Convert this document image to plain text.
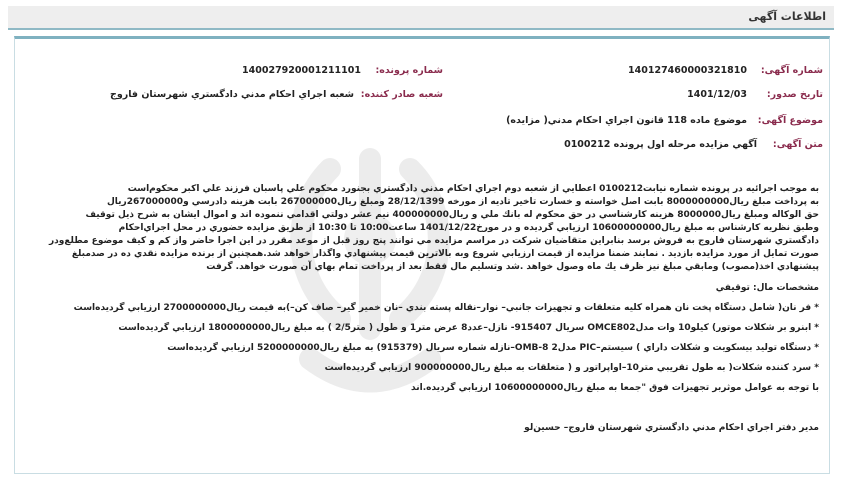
اطلاعات آگهی
شماره آگهی:
140127460000321810
شماره پرونده:
140027920001211101
تاریخ صدور:
1401/12/03
شعبه صادر کننده:
شعبه اجراي احكام مدني دادگستري شهرستان فاروج
موضوع آگهی:
موضوع ماده 118 قانون اجراي احكام مدني( مزايده)
متن آگهی:
آگهي مزايده مرحله اول پرونده 0100212
به موجب اجرائيه در پرونده شماره نيابت0100212 اعطايي از شعبه دوم اجراي احكام مدني دادگستري بجنورد محكوم علي پاسبان فرزند علي اكبر محكوم‌است
به پرداخت مبلغ ريال8000000000 بابت اصل خواسته و خسارت تاخير تاديه از مورخه 28/12/1399 ومبلغ ريال267000000 بابت هزينه دادرسي و267000000ريال
حق الوكاله ومبلغ ريال8000000 هزينه كارشناسي در حق محكوم له بانك ملي و ريال400000000 نيم عشر دولتي اقدامي ننموده اند و اموال ايشان به شرح ذيل توقيف
وطبق نظريه كارشناس به مبلغ ريال10600000000 ارزيابي گرديده و در مورخ1401/12/22 ساعت10:00 تا 10:30 از طريق مزايده حضوري در محل اجراي‌احكام
دادگستري شهرستان فاروج به فروش برسد بنابراين متقاضيان شركت در مراسم مزايده مي توانند پنج روز قبل از موعد مقرر در اين اجرا حاضر واز كم و كيف موضوع مطلع‌ودر
صورت تمايل از مورد مزايده بازديد . نمايند ضمنا مزايده از قيمت ارزيابي شروع وبه بالاترين قيمت پيشنهادي واگذار خواهد شد.همچنين از برنده مزايده نقدي ده در صدمبلغ
پيشنهادي اخذ(مصوب) ومابقي مبلغ نيز ظرف يك ماه وصول خواهد .شد وتسليم مال فقط بعد از پرداخت تمام بهاي آن صورت خواهد. گرفت
مشخصات مال: توقيفي
* فر نان( شامل دستگاه پخت نان همراه كليه متعلقات و تجهيزات جانبي– نوار–نقاله پسته بندي –نان خمير گير– صاف كن–)به قيمت ريال2700000000 ارزيابي گرديده‌است
* ابنرو بر شكلات موتور) كيلو10 وات مدلOMCE802 سريال 915407- نازل–عدد8 عرض متر1 و طول ( متر2/5 ) به مبلغ ريال1800000000 ارزيابي گرديده‌است
* دستگاه توليد بيسكويت و شكلات داراي ) سيستم–PIC مدل2 OMB-8–نازله شماره سريال (915379) به مبلغ ريال5200000000 ارزيابي گرديده‌است
* سرد كننده شكلات( به طول تقريبي متر10–اواپراتور و ( متعلقات به مبلغ ريال900000000 ارزيابي گرديده‌است
با توجه به عوامل موثربر تجهيزات فوق "جمعا به مبلغ ريال10600000000 ارزيابي گرديده.اند
مدير دفتر اجراي احكام مدني دادگستري شهرستان فاروج– حسين‌لو
